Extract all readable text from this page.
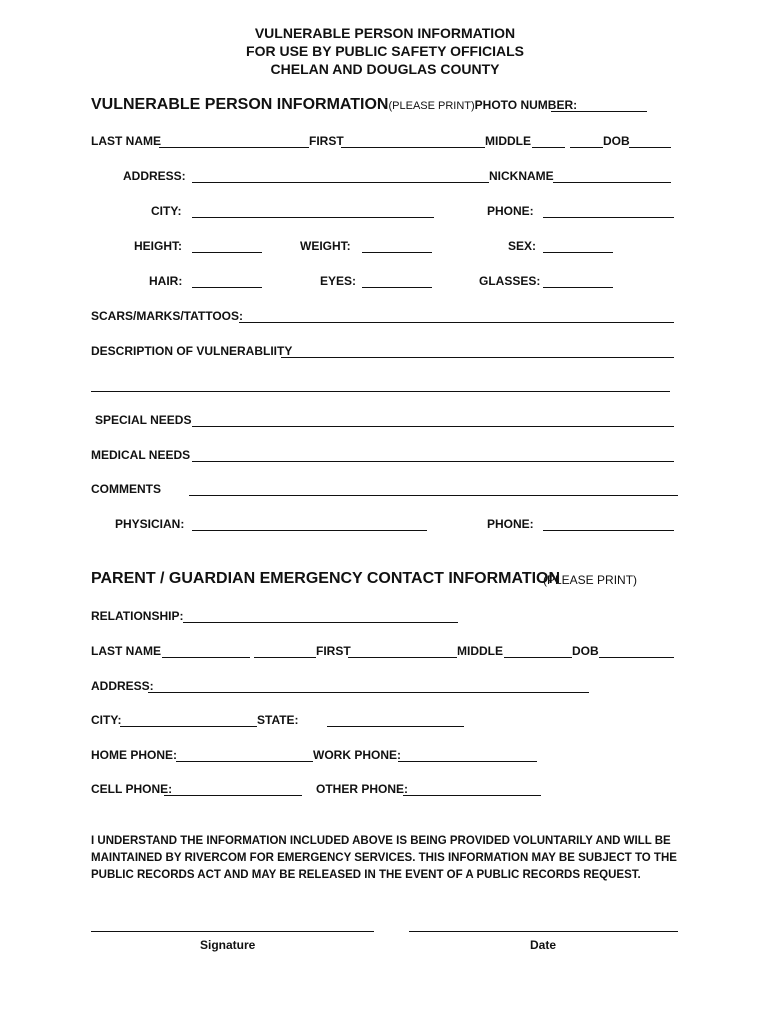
VULNERABLE PERSON INFORMATION
FOR USE BY PUBLIC SAFETY OFFICIALS
CHELAN AND DOUGLAS COUNTY
VULNERABLE PERSON INFORMATION(PLEASE PRINT)PHOTO NUMBER:
LAST NAME	FIRST	MIDDLE	DOB
ADDRESS:	NICKNAME
CITY:	PHONE:
HEIGHT:	WEIGHT:	SEX:
HAIR:	EYES:	GLASSES:
SCARS/MARKS/TATTOOS:
DESCRIPTION OF VULNERABLIITY
SPECIAL NEEDS
MEDICAL NEEDS
COMMENTS
PHYSICIAN:	PHONE:
PARENT / GUARDIAN EMERGENCY CONTACT INFORMATION
(PLEASE PRINT)
RELATIONSHIP:
LAST NAME	FIRST	MIDDLE	DOB
ADDRESS:
CITY:	STATE:
HOME PHONE:	WORK PHONE:
CELL PHONE:	OTHER PHONE:
I UNDERSTAND THE INFORMATION INCLUDED ABOVE IS BEING PROVIDED VOLUNTARILY AND WILL BE MAINTAINED BY RIVERCOM FOR EMERGENCY SERVICES. THIS INFORMATION MAY BE SUBJECT TO THE PUBLIC RECORDS ACT AND MAY BE RELEASED IN THE EVENT OF A PUBLIC RECORDS REQUEST.
Signature	Date
